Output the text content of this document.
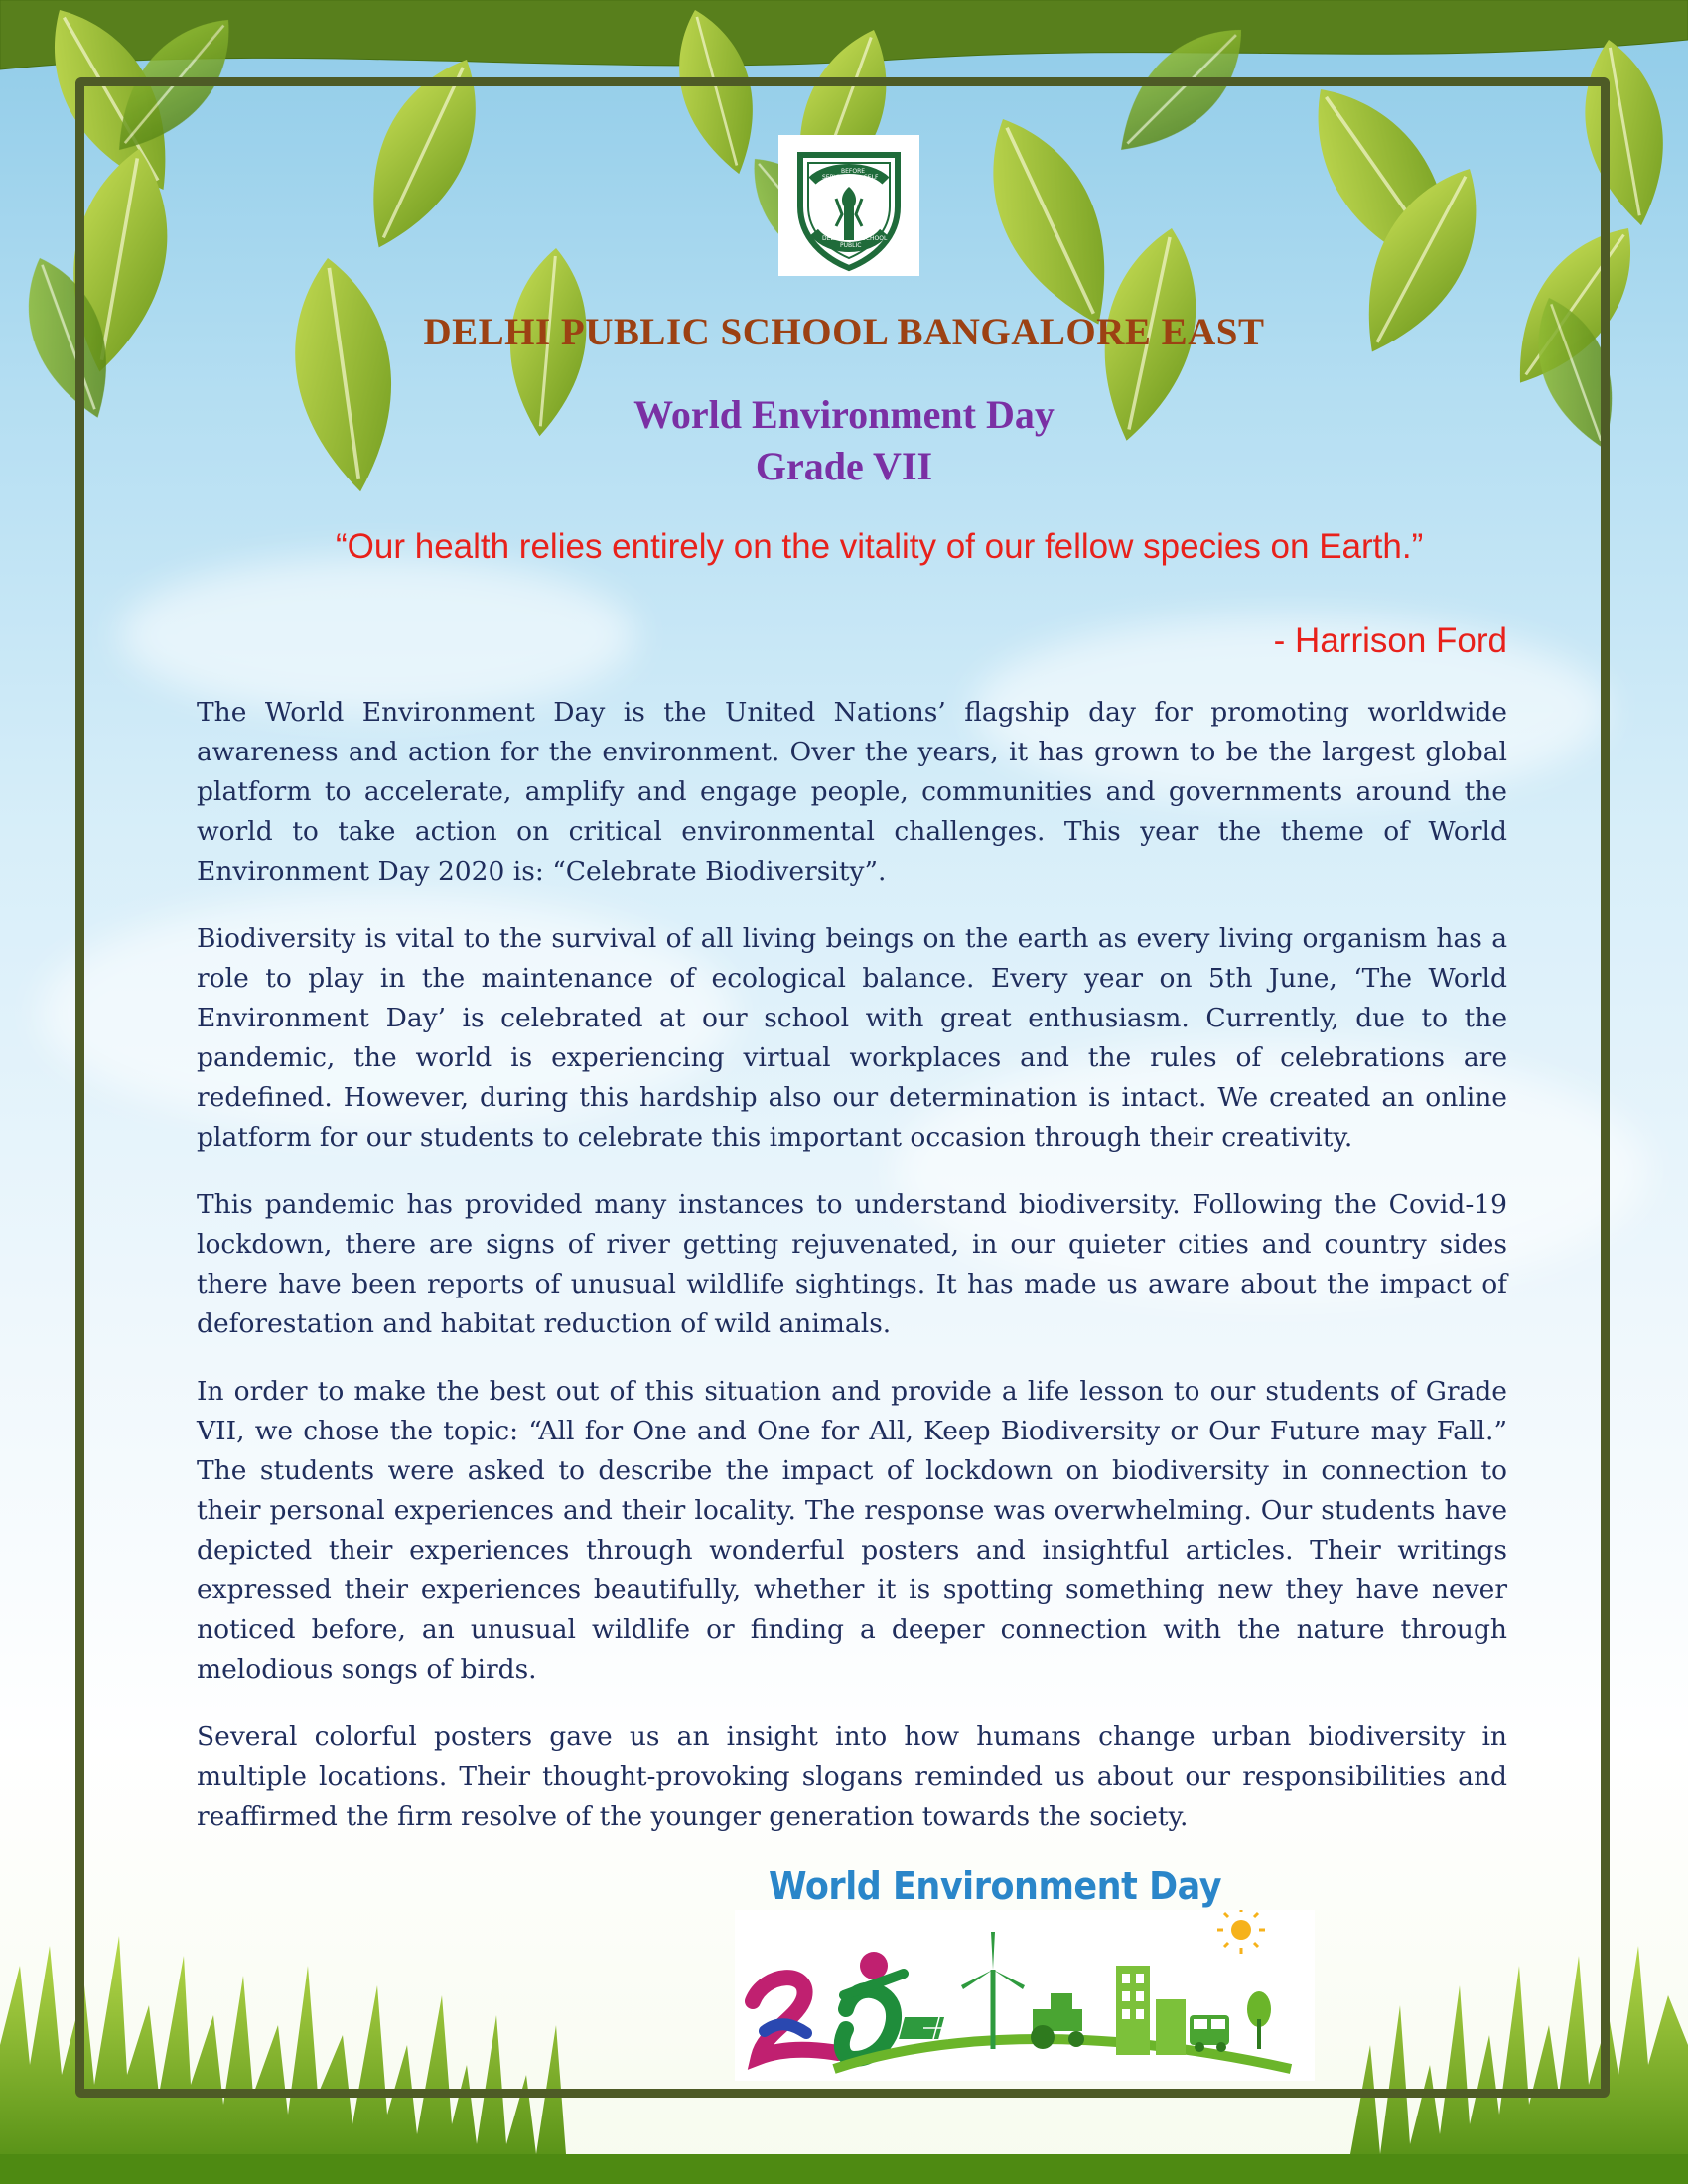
SERVICE
BEFORE
SELF
DELHI
PUBLIC
SCHOOL
DELHI PUBLIC SCHOOL BANGALORE EAST
World Environment Day
Grade VII
“Our health relies entirely on the vitality of our fellow species on Earth.”
- Harrison Ford

The World Environment Day is the United Nations’ flagship day for promoting worldwide awareness and action for the environment. Over the years, it has grown to be the largest global platform to accelerate, amplify and engage people, communities and governments around the world to take action on critical environmental challenges. This year the theme of World Environment Day 2020 is: “Celebrate Biodiversity”.

Biodiversity is vital to the survival of all living beings on the earth as every living organism has a role to play in the maintenance of ecological balance. Every year on 5th June, ‘The World Environment Day’ is celebrated at our school with great enthusiasm. Currently, due to the pandemic, the world is experiencing virtual workplaces and the rules of celebrations are redefined. However, during this hardship also our determination is intact. We created an online platform for our students to celebrate this important occasion through their creativity.

This pandemic has provided many instances to understand biodiversity. Following the Covid-19 lockdown, there are signs of river getting rejuvenated, in our quieter cities and country sides there have been reports of unusual wildlife sightings. It has made us aware about the impact of deforestation and habitat reduction of wild animals.

In order to make the best out of this situation and provide a life lesson to our students of Grade VII, we chose the topic: “All for One and One for All, Keep Biodiversity or Our Future may Fall.” The students were asked to describe the impact of lockdown on biodiversity in connection to their personal experiences and their locality. The response was overwhelming. Our students have depicted their experiences through wonderful posters and insightful articles. Their writings expressed their experiences beautifully, whether it is spotting something new they have never noticed before, an unusual wildlife or finding a deeper connection with the nature through melodious songs of birds.

Several colorful posters gave us an insight into how humans change urban biodiversity in multiple locations. Their thought-provoking slogans reminded us about our responsibilities and reaffirmed the firm resolve of the younger generation towards the society.

World Environment Day
